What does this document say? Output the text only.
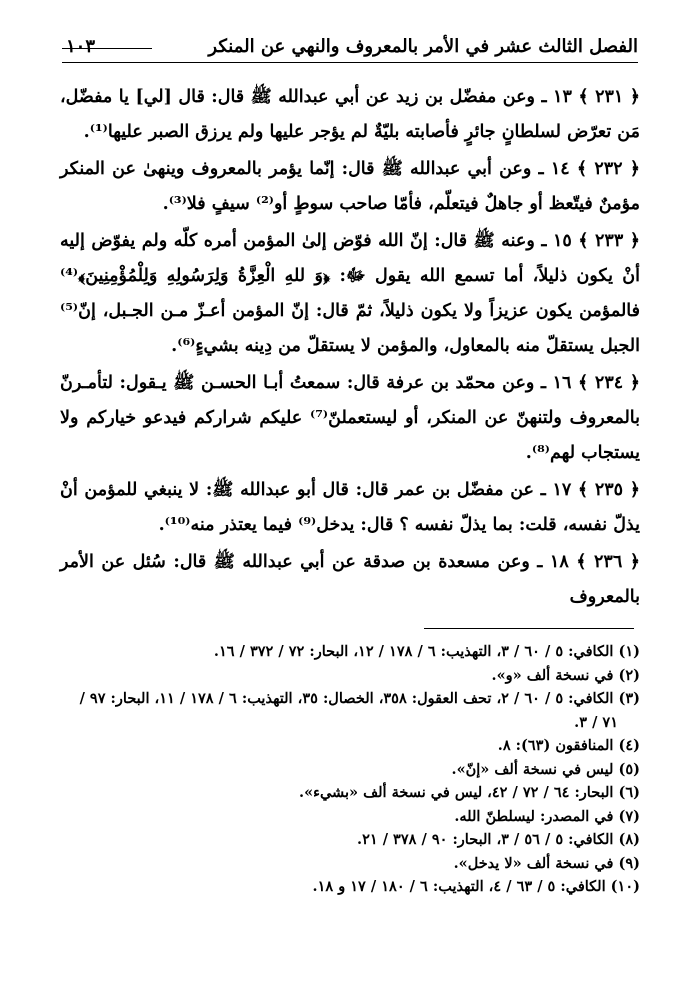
الفصل الثالث عشر في الأمر بالمعروف والنهي عن المنكر
١٠٣

﴿ ٢٣١ ﴾ ١٣ ـ وعن مفضّل بن زيد عن أبي عبدالله ﷺ قال: قال [لي] يا مفضّل، مَن تعرّض لسلطانٍ جائرٍ فأصابته بليّةٌ لم يؤجر عليها ولم يرزق الصبر عليها⁽¹⁾.

﴿ ٢٣٢ ﴾ ١٤ ـ وعن أبي عبدالله ﷺ قال: إنّما يؤمر بالمعروف وينهىٰ عن المنكر مؤمنٌ فيتّعظ أو جاهلٌ فيتعلّم، فأمّا صاحب سوطٍ أو⁽²⁾ سيفٍ فلا⁽³⁾.

﴿ ٢٣٣ ﴾ ١٥ ـ وعنه ﷺ قال: إنّ الله فوّض إلىٰ المؤمن أمره كلّه ولم يفوّض إليه أنْ يكون ذليلاً، أما تسمع الله يقول ﷻ: ﴿وَ للهِ الْعِزَّةُ وَلِرَسُولِهِ وَلِلْمُؤْمِنِينَ﴾⁽⁴⁾ فالمؤمن يكون عزيزاً ولا يكون ذليلاً، ثمّ قال: إنّ المؤمن أعـزّ مـن الجـبل، إنّ⁽⁵⁾ الجبل يستقلّ منه بالمعاول، والمؤمن لا يستقلّ من دِينه بشيءٍ⁽⁶⁾.

﴿ ٢٣٤ ﴾ ١٦ ـ وعن محمّد بن عرفة قال: سمعتُ أبـا الحسـن ﷺ يـقول: لتأمـرنّ بالمعروف ولتنهنّ عن المنكر، أو ليستعملنّ⁽⁷⁾ عليكم شراركم فيدعو خياركم ولا يستجاب لهم⁽⁸⁾.

﴿ ٢٣٥ ﴾ ١٧ ـ عن مفضّل بن عمر قال: قال أبو عبدالله ﷺ: لا ينبغي للمؤمن أنْ يذلّ نفسه، قلت: بما يذلّ نفسه ؟ قال: يدخل⁽⁹⁾ فيما يعتذر منه⁽¹⁰⁾.

﴿ ٢٣٦ ﴾ ١٨ ـ وعن مسعدة بن صدقة عن أبي عبدالله ﷺ قال: سُئل عن الأمر بالمعروف

(١) الكافي: ٥ / ٦٠ / ٣، التهذيب: ٦ / ١٧٨ / ١٢، البحار: ٧٢ / ٣٧٢ / ١٦.

(٢) في نسخة ألف «و».

(٣) الكافي: ٥ / ٦٠ / ٢، تحف العقول: ٣٥٨، الخصال: ٣٥، التهذيب: ٦ / ١٧٨ / ١١، البحار: ٩٧ / ٧١ / ٣.

(٤) المنافقون (٦٣): ٨.

(٥) ليس في نسخة ألف «إنّ».

(٦) البحار: ٦٤ / ٧٢ / ٤٢، ليس في نسخة ألف «بشيء».

(٧) في المصدر: ليسلطنّ الله.

(٨) الكافي: ٥ / ٥٦ / ٣، البحار: ٩٠ / ٣٧٨ / ٢١.

(٩) في نسخة ألف «لا يدخل».

(١٠) الكافي: ٥ / ٦٣ / ٤، التهذيب: ٦ / ١٨٠ / ١٧ و ١٨.
